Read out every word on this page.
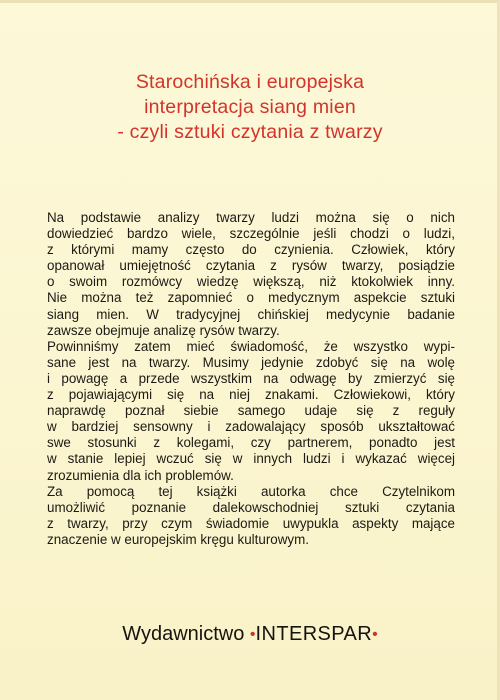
Starochińska i europejska
interpretacja siang mien
- czyli sztuki czytania z twarzy
Na podstawie analizy twarzy ludzi można się o nich
dowiedzieć bardzo wiele, szczególnie jeśli chodzi o ludzi,
z którymi mamy często do czynienia. Człowiek, który
opanował umiejętność czytania z rysów twarzy, posiądzie
o swoim rozmówcy wiedzę większą, niż ktokolwiek inny.
Nie można też zapomnieć o medycznym aspekcie sztuki
siang mien. W tradycyjnej chińskiej medycynie badanie
zawsze obejmuje analizę rysów twarzy.
Powinniśmy zatem mieć świadomość, że wszystko wypi-
sane jest na twarzy. Musimy jedynie zdobyć się na wolę
i powagę a przede wszystkim na odwagę by zmierzyć się
z pojawiającymi się na niej znakami. Człowiekowi, który
naprawdę poznał siebie samego udaje się z reguły
w bardziej sensowny i zadowalający sposób ukształtować
swe stosunki z kolegami, czy partnerem, ponadto jest
w stanie lepiej wczuć się w innych ludzi i wykazać więcej
zrozumienia dla ich problemów.
Za pomocą tej książki autorka chce Czytelnikom
umożliwić poznanie dalekowschodniej sztuki czytania
z twarzy, przy czym świadomie uwypukla aspekty mające
znaczenie w europejskim kręgu kulturowym.
Wydawnictwo •INTERSPAR•
